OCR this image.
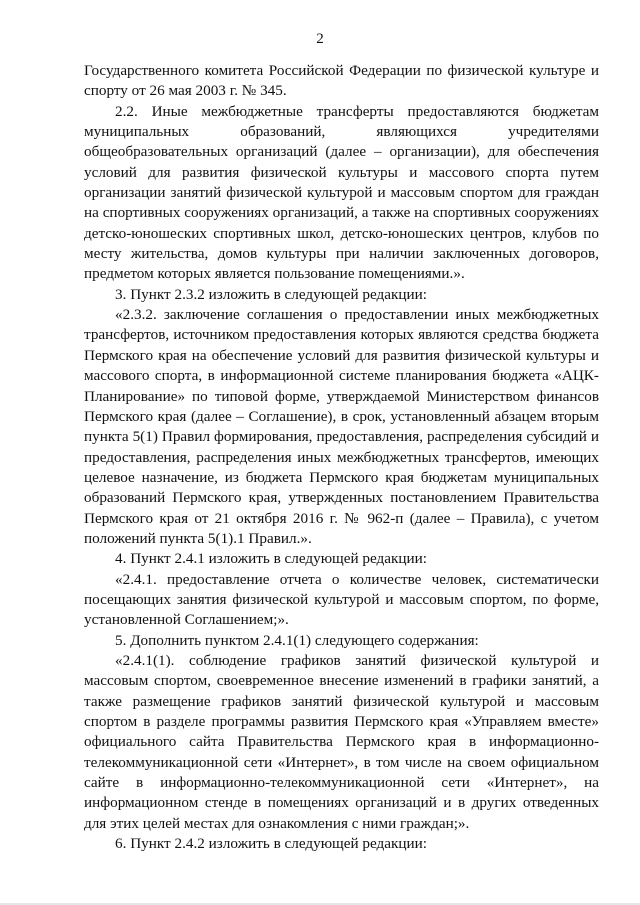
2

Государственного комитета Российской Федерации по физической культуре и спорту от 26 мая 2003 г. № 345.

2.2. Иные межбюджетные трансферты предоставляются бюджетам муниципальных образований, являющихся учредителями общеобразовательных организаций (далее – организации), для обеспечения условий для развития физической культуры и массового спорта путем организации занятий физической культурой и массовым спортом для граждан на спортивных сооружениях организаций, а также на спортивных сооружениях детско-юношеских спортивных школ, детско-юношеских центров, клубов по месту жительства, домов культуры при наличии заключенных договоров, предметом которых является пользование помещениями.».

3. Пункт 2.3.2 изложить в следующей редакции:

«2.3.2. заключение соглашения о предоставлении иных межбюджетных трансфертов, источником предоставления которых являются средства бюджета Пермского края на обеспечение условий для развития физической культуры и массового спорта, в информационной системе планирования бюджета «АЦК-Планирование» по типовой форме, утверждаемой Министерством финансов Пермского края (далее – Соглашение), в срок, установленный абзацем вторым пункта 5(1) Правил формирования, предоставления, распределения субсидий и предоставления, распределения иных межбюджетных трансфертов, имеющих целевое назначение, из бюджета Пермского края бюджетам муниципальных образований Пермского края, утвержденных постановлением Правительства Пермского края от 21 октября 2016 г. № 962-п (далее – Правила), с учетом положений пункта 5(1).1 Правил.».

4. Пункт 2.4.1 изложить в следующей редакции:

«2.4.1. предоставление отчета о количестве человек, систематически посещающих занятия физической культурой и массовым спортом, по форме, установленной Соглашением;».

5. Дополнить пунктом 2.4.1(1) следующего содержания:

«2.4.1(1). соблюдение графиков занятий физической культурой и массовым спортом, своевременное внесение изменений в графики занятий, а также размещение графиков занятий физической культурой и массовым спортом в разделе программы развития Пермского края «Управляем вместе» официального сайта Правительства Пермского края в информационно-телекоммуникационной сети «Интернет», в том числе на своем официальном сайте в информационно-телекоммуникационной сети «Интернет», на информационном стенде в помещениях организаций и в других отведенных для этих целей местах для ознакомления с ними граждан;».

6. Пункт 2.4.2 изложить в следующей редакции:
